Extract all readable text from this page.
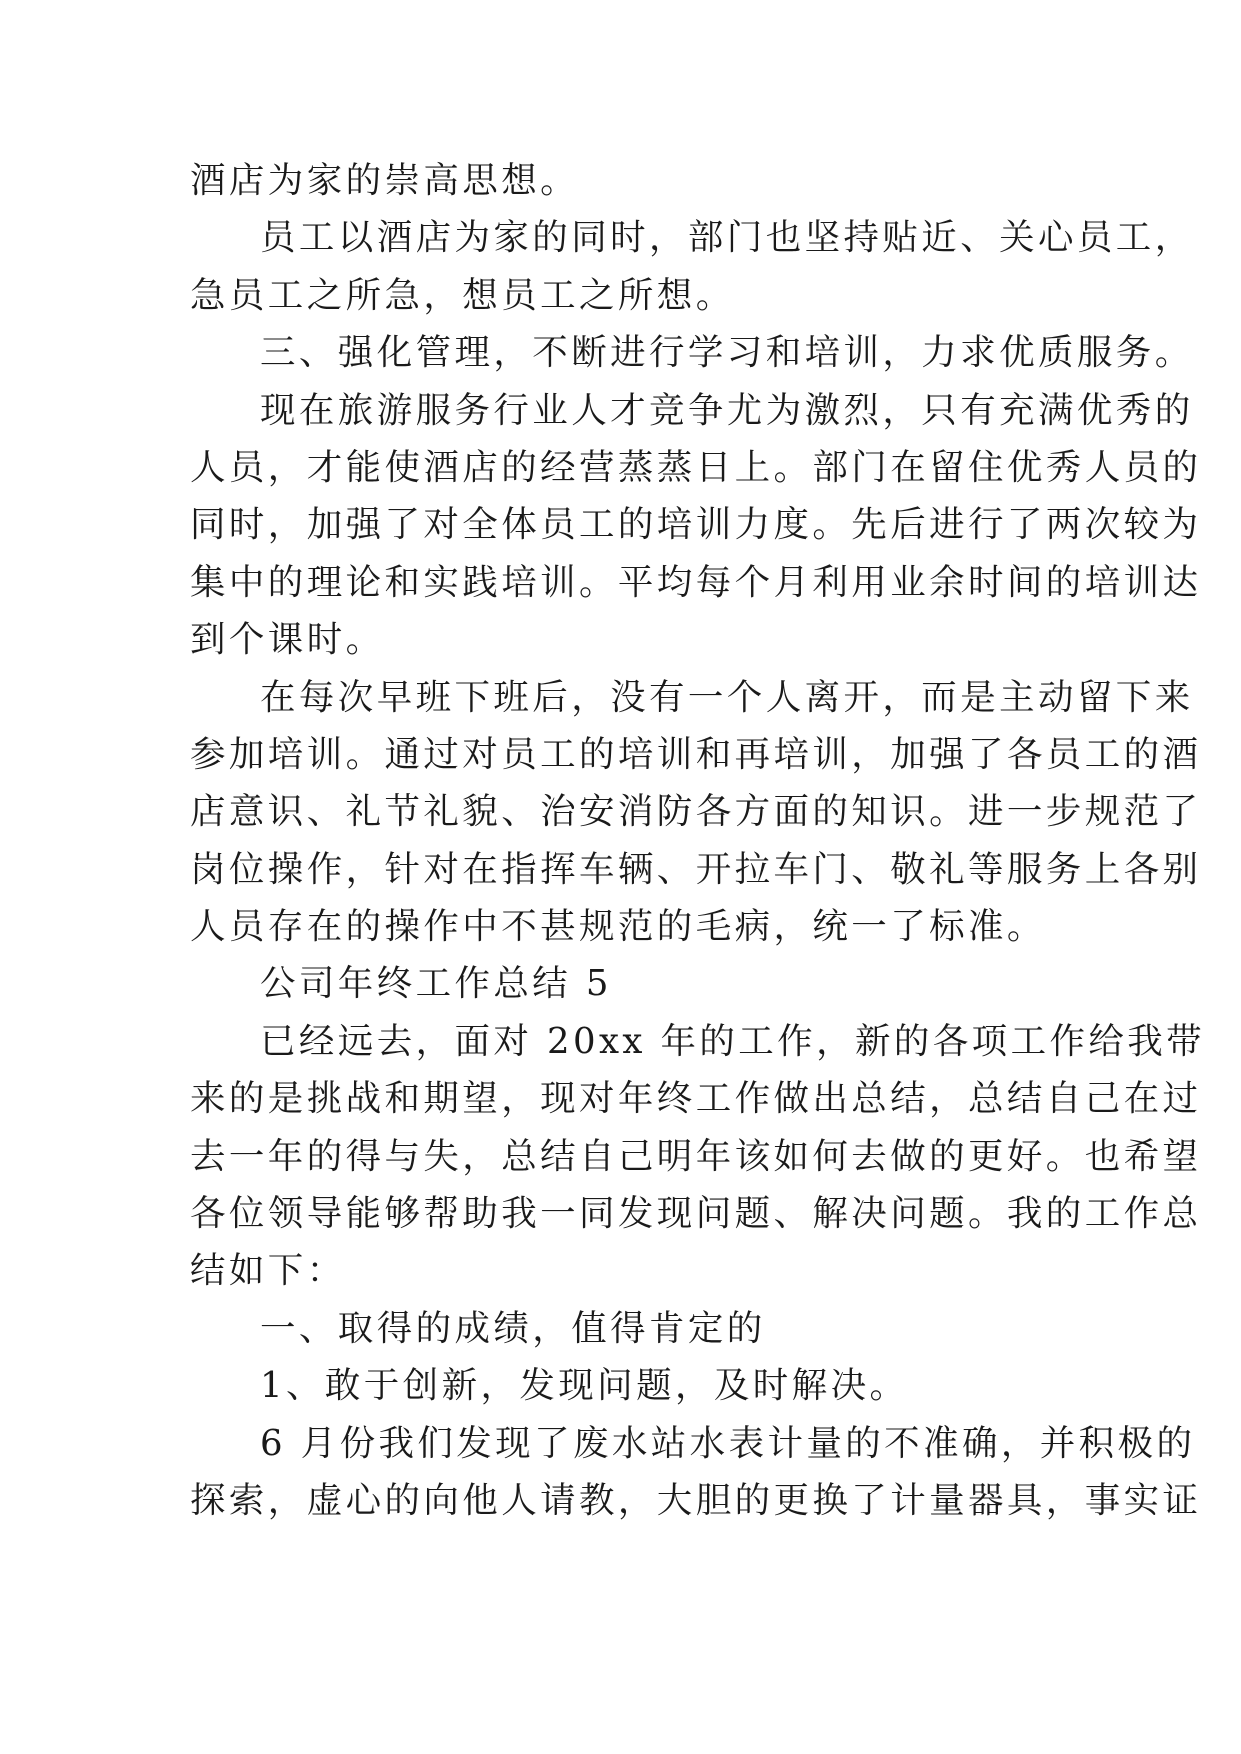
酒店为家的崇高思想。
员工以酒店为家的同时，部门也坚持贴近、关心员工，
急员工之所急，想员工之所想。
三、强化管理，不断进行学习和培训，力求优质服务。
现在旅游服务行业人才竞争尤为激烈，只有充满优秀的
人员，才能使酒店的经营蒸蒸日上。部门在留住优秀人员的
同时，加强了对全体员工的培训力度。先后进行了两次较为
集中的理论和实践培训。平均每个月利用业余时间的培训达
到个课时。
在每次早班下班后，没有一个人离开，而是主动留下来
参加培训。通过对员工的培训和再培训，加强了各员工的酒
店意识、礼节礼貌、治安消防各方面的知识。进一步规范了
岗位操作，针对在指挥车辆、开拉车门、敬礼等服务上各别
人员存在的操作中不甚规范的毛病，统一了标准。
公司年终工作总结 5
已经远去，面对 20xx 年的工作，新的各项工作给我带
来的是挑战和期望，现对年终工作做出总结，总结自己在过
去一年的得与失，总结自己明年该如何去做的更好。也希望
各位领导能够帮助我一同发现问题、解决问题。我的工作总
结如下：
一、取得的成绩，值得肯定的
1、敢于创新，发现问题，及时解决。
6 月份我们发现了废水站水表计量的不准确，并积极的
探索，虚心的向他人请教，大胆的更换了计量器具，事实证
